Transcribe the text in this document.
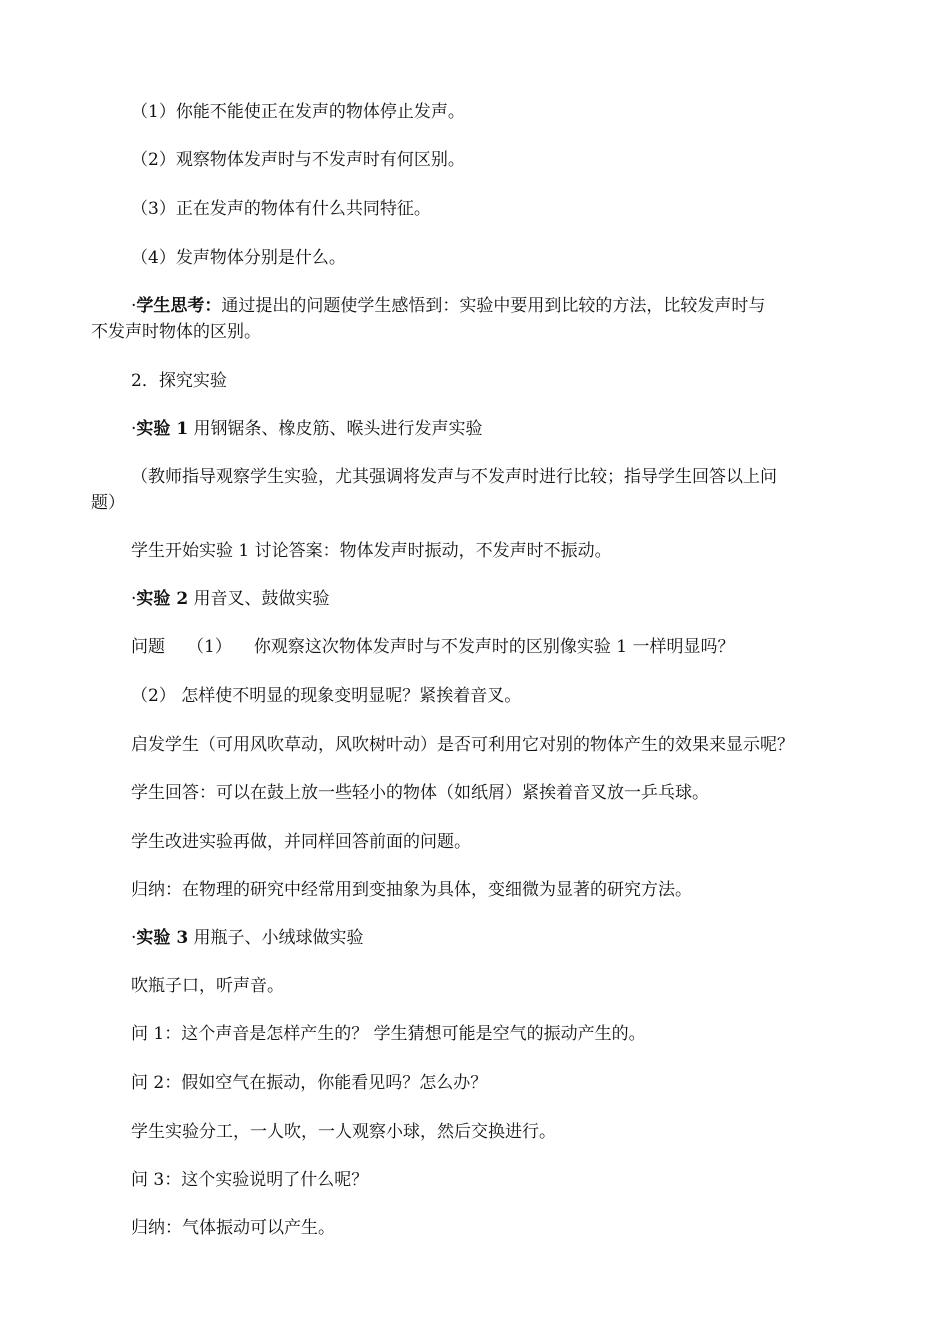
（1）你能不能使正在发声的物体停止发声。
（2）观察物体发声时与不发声时有何区别。
（3）正在发声的物体有什么共同特征。
（4）发声物体分别是什么。
·学生思考：通过提出的问题使学生感悟到：实验中要用到比较的方法，比较发声时与
不发声时物体的区别。
2．探究实验
·实验 1 用钢锯条、橡皮筋、喉头进行发声实验
（教师指导观察学生实验，尤其强调将发声与不发声时进行比较；指导学生回答以上问
题）
学生开始实验 1 讨论答案：物体发声时振动，不发声时不振动。
·实验 2 用音叉、鼓做实验
问题 （1） 你观察这次物体发声时与不发声时的区别像实验 1 一样明显吗？
（2） 怎样使不明显的现象变明显呢？紧挨着音叉。
启发学生（可用风吹草动，风吹树叶动）是否可利用它对别的物体产生的效果来显示呢？
学生回答：可以在鼓上放一些轻小的物体（如纸屑）紧挨着音叉放一乒乓球。
学生改进实验再做，并同样回答前面的问题。
归纳：在物理的研究中经常用到变抽象为具体，变细微为显著的研究方法。
·实验 3 用瓶子、小绒球做实验
吹瓶子口，听声音。
问 1：这个声音是怎样产生的？ 学生猜想可能是空气的振动产生的。
问 2：假如空气在振动，你能看见吗？怎么办？
学生实验分工，一人吹，一人观察小球，然后交换进行。
问 3：这个实验说明了什么呢？
归纳：气体振动可以产生。
